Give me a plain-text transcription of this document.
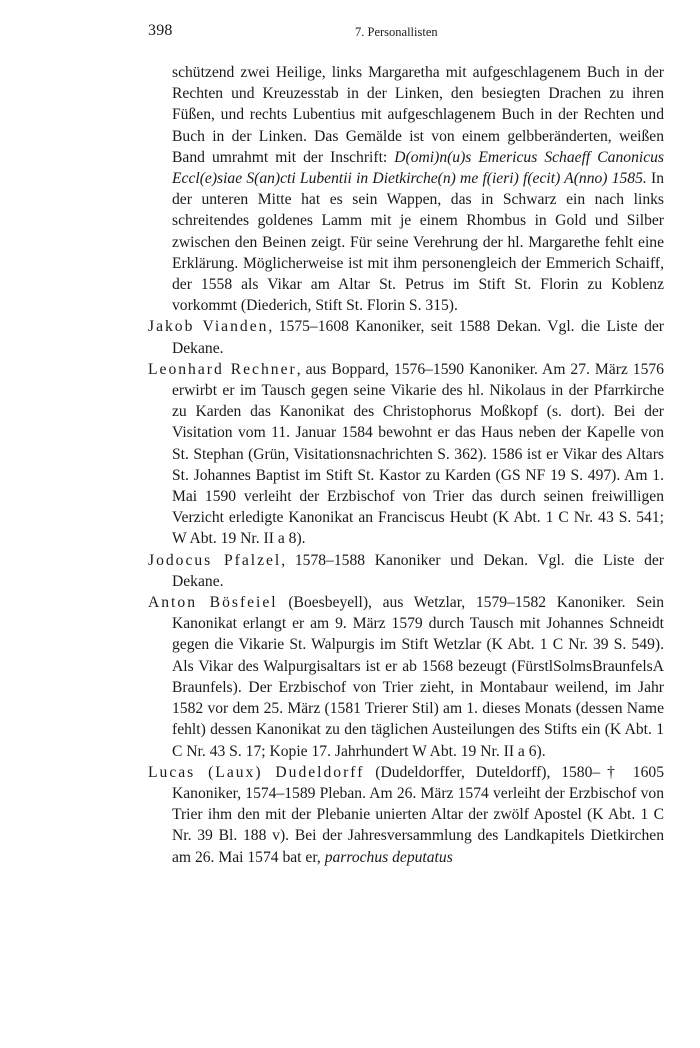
398	7. Personallisten

schützend zwei Heilige, links Margaretha mit aufgeschlagenem Buch in der Rechten und Kreuzesstab in der Linken, den besiegten Drachen zu ihren Füßen, und rechts Lubentius mit aufgeschlagenem Buch in der Rechten und Buch in der Linken. Das Gemälde ist von einem gelbberänderten, weißen Band umrahmt mit der Inschrift: D(omi)n(u)s Emericus Schaeff Canonicus Eccl(e)siae S(an)cti Lubentii in Dietkirche(n) me f(ieri) f(ecit) A(nno) 1585. In der unteren Mitte hat es sein Wappen, das in Schwarz ein nach links schreitendes goldenes Lamm mit je einem Rhombus in Gold und Silber zwischen den Beinen zeigt. Für seine Verehrung der hl. Margarethe fehlt eine Erklärung. Möglicherweise ist mit ihm personengleich der Emmerich Schaiff, der 1558 als Vikar am Altar St. Petrus im Stift St. Florin zu Koblenz vorkommt (Diederich, Stift St. Florin S. 315).

Jakob Vianden, 1575–1608 Kanoniker, seit 1588 Dekan. Vgl. die Liste der Dekane.

Leonhard Rechner, aus Boppard, 1576–1590 Kanoniker. Am 27. März 1576 erwirbt er im Tausch gegen seine Vikarie des hl. Nikolaus in der Pfarrkirche zu Karden das Kanonikat des Christophorus Moßkopf (s. dort). Bei der Visitation vom 11. Januar 1584 bewohnt er das Haus neben der Kapelle von St. Stephan (Grün, Visitationsnachrichten S. 362). 1586 ist er Vikar des Altars St. Johannes Baptist im Stift St. Kastor zu Karden (GS NF 19 S. 497). Am 1. Mai 1590 verleiht der Erzbischof von Trier das durch seinen freiwilligen Verzicht erledigte Kanonikat an Franciscus Heubt (K Abt. 1 C Nr. 43 S. 541; W Abt. 19 Nr. II a 8).

Jodocus Pfalzel, 1578–1588 Kanoniker und Dekan. Vgl. die Liste der Dekane.

Anton Bösfeiel (Boesbeyell), aus Wetzlar, 1579–1582 Kanoniker. Sein Kanonikat erlangt er am 9. März 1579 durch Tausch mit Johannes Schneidt gegen die Vikarie St. Walpurgis im Stift Wetzlar (K Abt. 1 C Nr. 39 S. 549). Als Vikar des Walpurgisaltars ist er ab 1568 bezeugt (FürstlSolmsBraunfelsA Braunfels). Der Erzbischof von Trier zieht, in Montabaur weilend, im Jahr 1582 vor dem 25. März (1581 Trierer Stil) am 1. dieses Monats (dessen Name fehlt) dessen Kanonikat zu den täglichen Austeilungen des Stifts ein (K Abt. 1 C Nr. 43 S. 17; Kopie 17. Jahrhundert W Abt. 19 Nr. II a 6).

Lucas (Laux) Dudeldorff (Dudeldorffer, Duteldorff), 1580–† 1605 Kanoniker, 1574–1589 Pleban. Am 26. März 1574 verleiht der Erzbischof von Trier ihm den mit der Plebanie unierten Altar der zwölf Apostel (K Abt. 1 C Nr. 39 Bl. 188 v). Bei der Jahresversammlung des Landkapitels Dietkirchen am 26. Mai 1574 bat er, parrochus deputatus
